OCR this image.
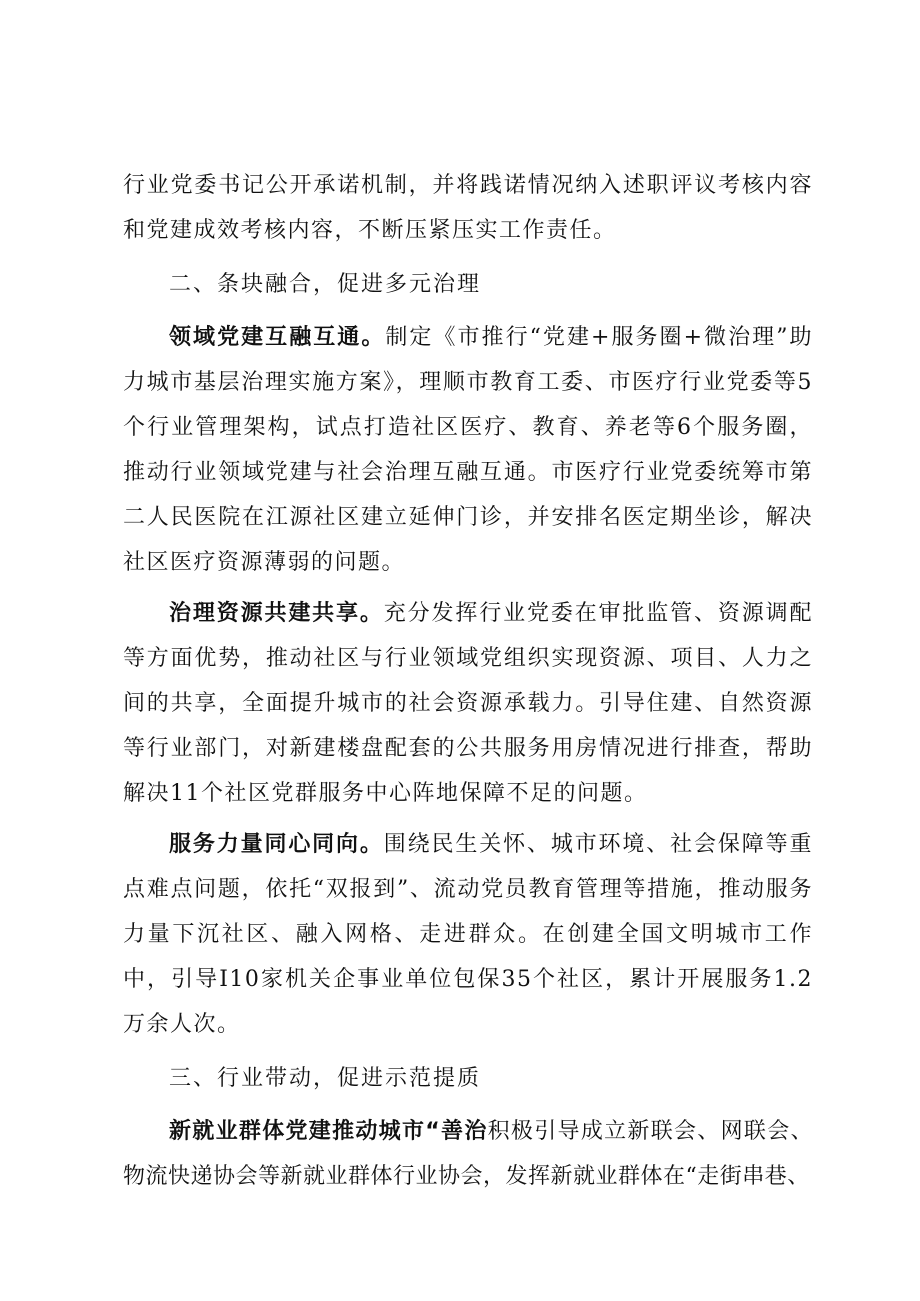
行业党委书记公开承诺机制，并将践诺情况纳入述职评议考核内容和党建成效考核内容，不断压紧压实工作责任。

二、条块融合，促进多元治理

领域党建互融互通。制定《市推行“党建+服务圈+微治理”助力城市基层治理实施方案》，理顺市教育工委、市医疗行业党委等5个行业管理架构，试点打造社区医疗、教育、养老等6个服务圈，推动行业领域党建与社会治理互融互通。市医疗行业党委统筹市第二人民医院在江源社区建立延伸门诊，并安排名医定期坐诊，解决社区医疗资源薄弱的问题。

治理资源共建共享。充分发挥行业党委在审批监管、资源调配等方面优势，推动社区与行业领域党组织实现资源、项目、人力之间的共享，全面提升城市的社会资源承载力。引导住建、自然资源等行业部门，对新建楼盘配套的公共服务用房情况进行排查，帮助解决11个社区党群服务中心阵地保障不足的问题。

服务力量同心同向。围绕民生关怀、城市环境、社会保障等重点难点问题，依托“双报到”、流动党员教育管理等措施，推动服务力量下沉社区、融入网格、走进群众。在创建全国文明城市工作中，引导I10家机关企事业单位包保35个社区，累计开展服务1.2万余人次。

三、行业带动，促进示范提质

新就业群体党建推动城市“善治积极引导成立新联会、网联会、物流快递协会等新就业群体行业协会，发挥新就业群体在“走街串巷、
